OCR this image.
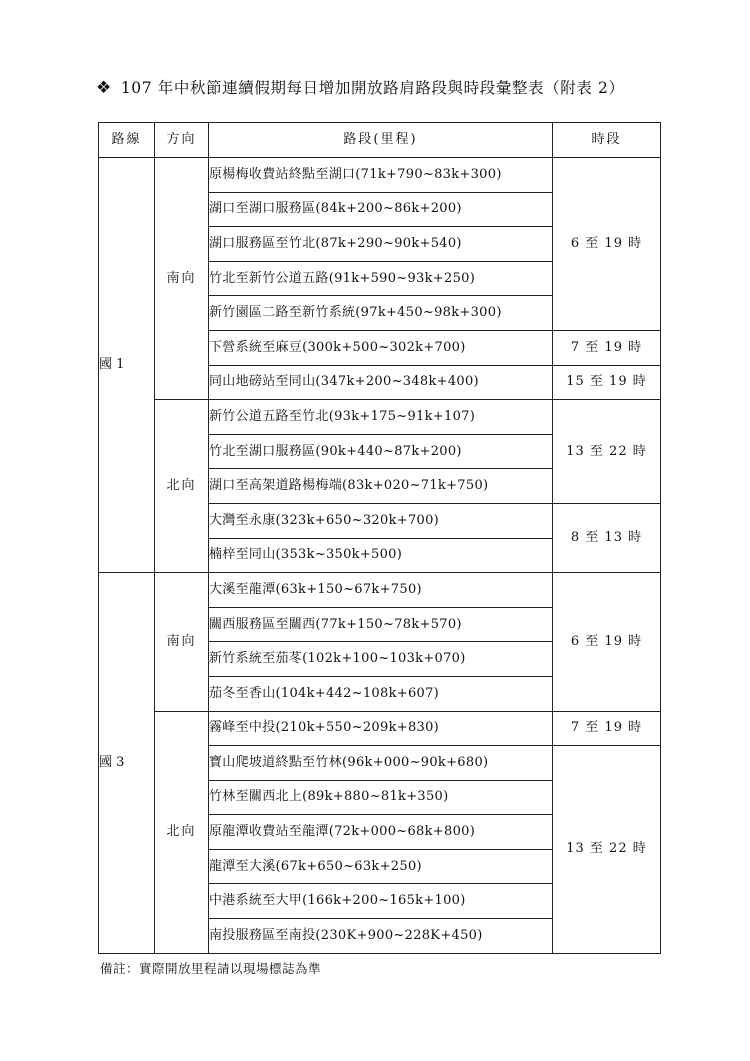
❖ 107 年中秋節連續假期每日增加開放路肩路段與時段彙整表（附表 2）
路線	方向	路段(里程)	時段
國 1	南向	原楊梅收費站終點至湖口(71k+790~83k+300)	6 至 19 時
		湖口至湖口服務區(84k+200~86k+200)	
		湖口服務區至竹北(87k+290~90k+540)	
		竹北至新竹公道五路(91k+590~93k+250)	
		新竹園區二路至新竹系統(97k+450~98k+300)	
		下營系統至麻豆(300k+500~302k+700)	7 至 19 時
		同山地磅站至同山(347k+200~348k+400)	15 至 19 時
	北向	新竹公道五路至竹北(93k+175~91k+107)	13 至 22 時
		竹北至湖口服務區(90k+440~87k+200)	
		湖口至高架道路楊梅端(83k+020~71k+750)	
		大灣至永康(323k+650~320k+700)	8 至 13 時
		楠梓至同山(353k~350k+500)	
國 3	南向	大溪至龍潭(63k+150~67k+750)	6 至 19 時
		關西服務區至關西(77k+150~78k+570)	
		新竹系統至茄苳(102k+100~103k+070)	
		茄冬至香山(104k+442~108k+607)	
	北向	霧峰至中投(210k+550~209k+830)	7 至 19 時
		寶山爬坡道終點至竹林(96k+000~90k+680)	13 至 22 時
		竹林至關西北上(89k+880~81k+350)	
		原龍潭收費站至龍潭(72k+000~68k+800)	
		龍潭至大溪(67k+650~63k+250)	
		中港系統至大甲(166k+200~165k+100)	
		南投服務區至南投(230K+900~228K+450)	
備註：實際開放里程請以現場標誌為準
